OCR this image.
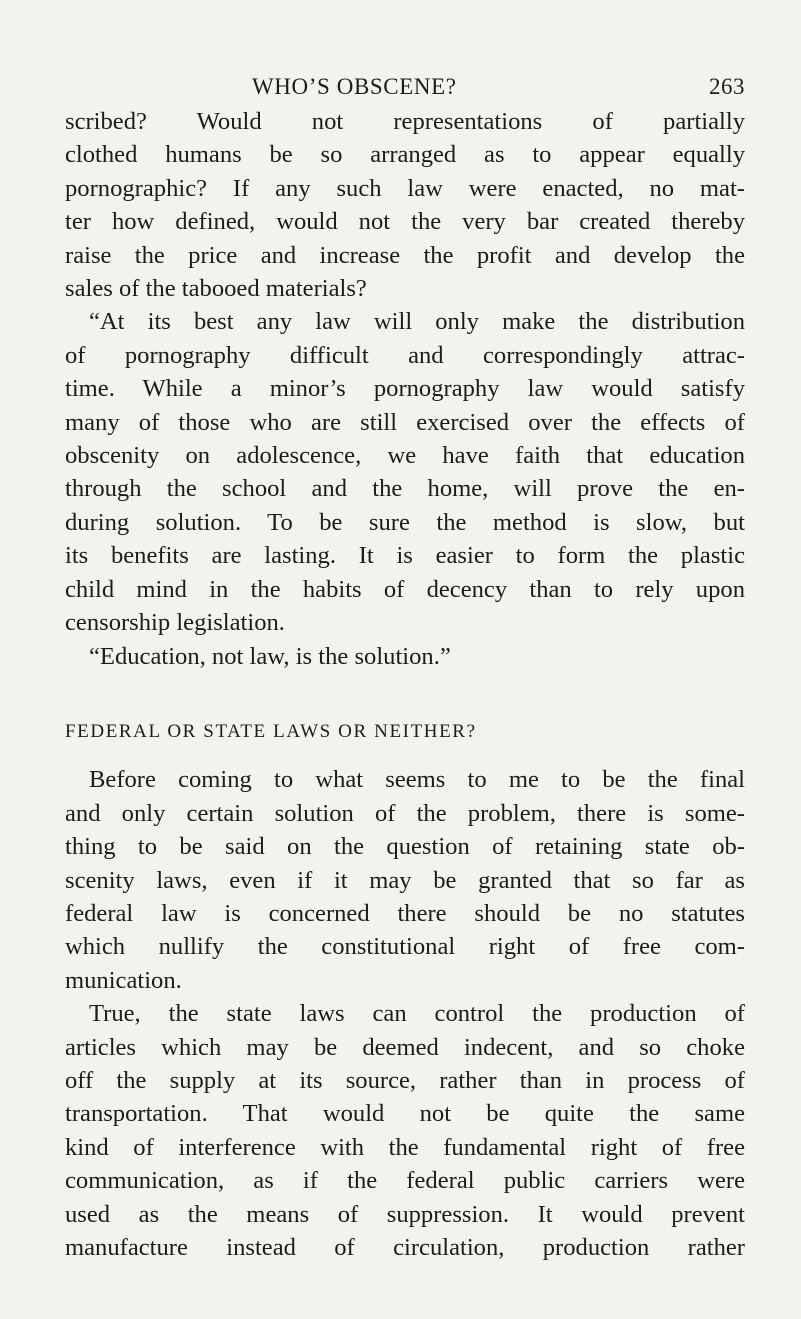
WHO’S OBSCENE?	263
scribed? Would not representations of partially
clothed humans be so arranged as to appear equally
pornographic? If any such law were enacted, no mat-
ter how defined, would not the very bar created thereby
raise the price and increase the profit and develop the
sales of the tabooed materials?
“At its best any law will only make the distribution
of pornography difficult and correspondingly attrac-
time. While a minor’s pornography law would satisfy
many of those who are still exercised over the effects of
obscenity on adolescence, we have faith that education
through the school and the home, will prove the en-
during solution. To be sure the method is slow, but
its benefits are lasting. It is easier to form the plastic
child mind in the habits of decency than to rely upon
censorship legislation.
“Education, not law, is the solution.”
FEDERAL OR STATE LAWS OR NEITHER?
Before coming to what seems to me to be the final
and only certain solution of the problem, there is some-
thing to be said on the question of retaining state ob-
scenity laws, even if it may be granted that so far as
federal law is concerned there should be no statutes
which nullify the constitutional right of free com-
munication.
True, the state laws can control the production of
articles which may be deemed indecent, and so choke
off the supply at its source, rather than in process of
transportation. That would not be quite the same
kind of interference with the fundamental right of free
communication, as if the federal public carriers were
used as the means of suppression. It would prevent
manufacture instead of circulation, production rather
